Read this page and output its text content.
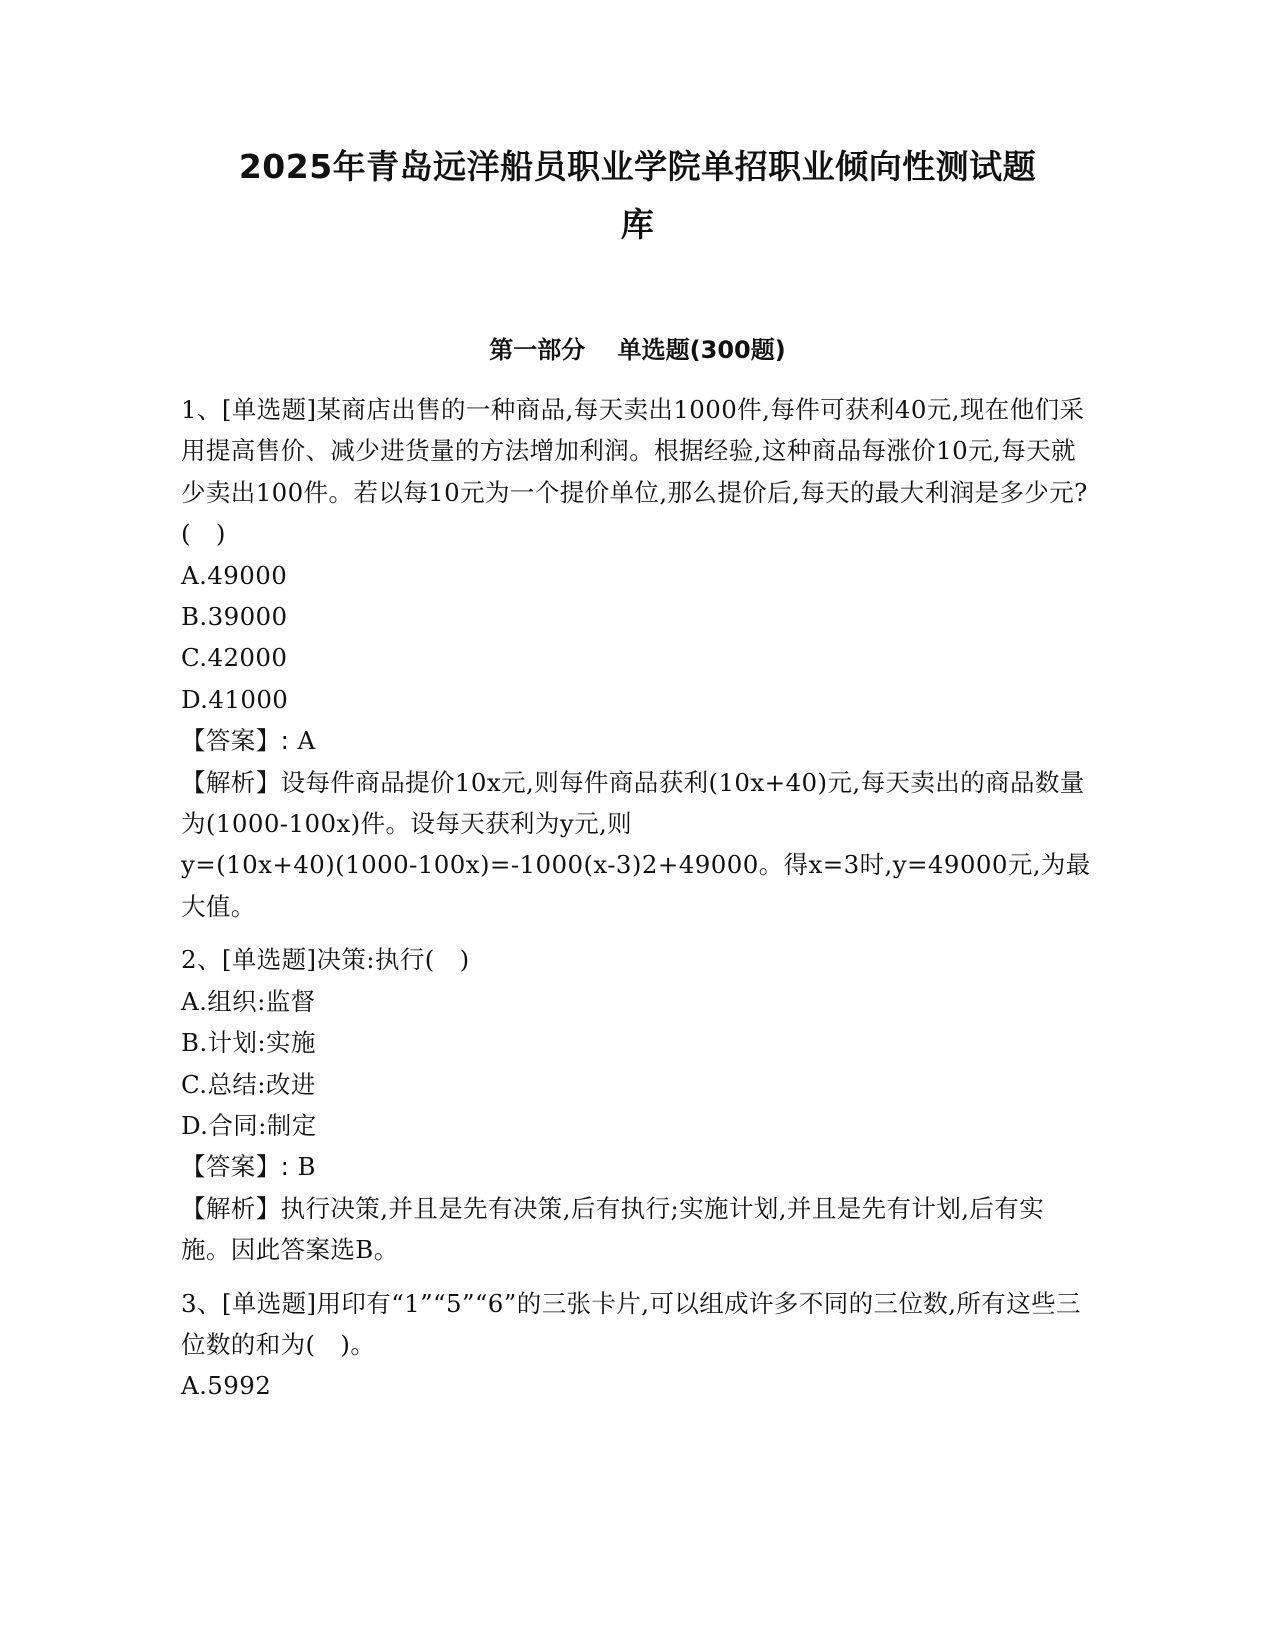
2025年青岛远洋船员职业学院单招职业倾向性测试题
库
第一部分　 单选题(300题)
1、[单选题]某商店出售的一种商品,每天卖出1000件,每件可获利40元,现在他们采用提高售价、减少进货量的方法增加利润。根据经验,这种商品每涨价10元,每天就少卖出100件。若以每10元为一个提价单位,那么提价后,每天的最大利润是多少元?(　)
A.49000
B.39000
C.42000
D.41000
【答案】: A
【解析】设每件商品提价10x元,则每件商品获利(10x+40)元,每天卖出的商品数量为(1000-100x)件。设每天获利为y元,则
y=(10x+40)(1000-100x)=-1000(x-3)2+49000。得x=3时,y=49000元,为最大值。
2、[单选题]决策:执行(　)
A.组织:监督
B.计划:实施
C.总结:改进
D.合同:制定
【答案】: B
【解析】执行决策,并且是先有决策,后有执行;实施计划,并且是先有计划,后有实施。因此答案选B。
3、[单选题]用印有“1”“5”“6”的三张卡片,可以组成许多不同的三位数,所有这些三位数的和为(　)。
A.5992
